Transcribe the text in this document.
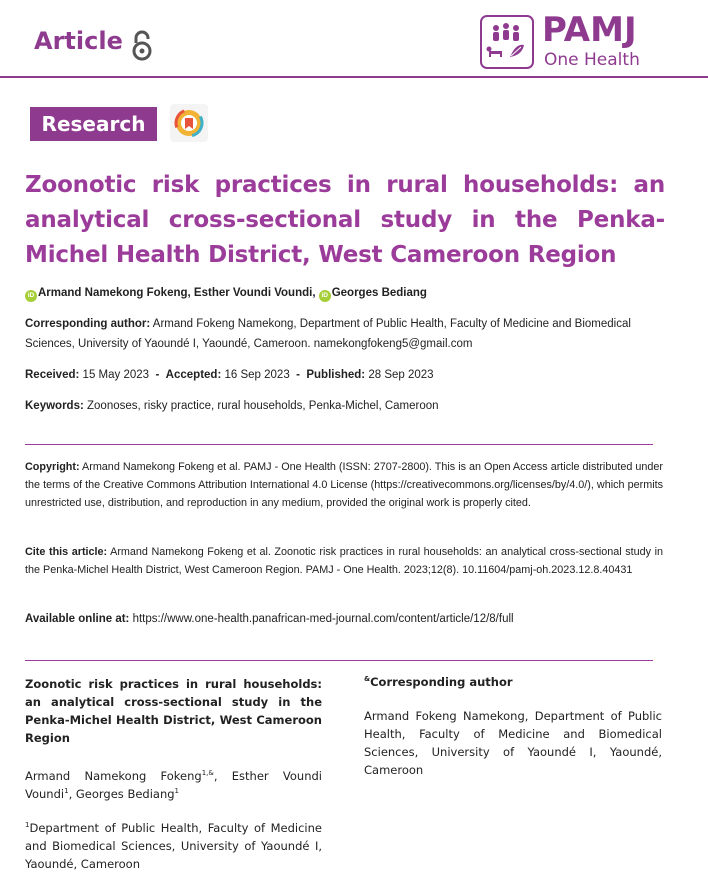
Article	PAMJ
One Health
Research
Zoonotic risk practices in rural households: an analytical cross-sectional study in the Penka-Michel Health District, West Cameroon Region
iD Armand Namekong Fokeng, Esther Voundi Voundi, iD Georges Bediang
Corresponding author: Armand Fokeng Namekong, Department of Public Health, Faculty of Medicine and Biomedical Sciences, University of Yaoundé I, Yaoundé, Cameroon. namekongfokeng5@gmail.com
Received: 15 May 2023 - Accepted: 16 Sep 2023 - Published: 28 Sep 2023
Keywords: Zoonoses, risky practice, rural households, Penka-Michel, Cameroon
Copyright: Armand Namekong Fokeng et al. PAMJ - One Health (ISSN: 2707-2800). This is an Open Access article distributed under the terms of the Creative Commons Attribution International 4.0 License (https://creativecommons.org/licenses/by/4.0/), which permits unrestricted use, distribution, and reproduction in any medium, provided the original work is properly cited.
Cite this article: Armand Namekong Fokeng et al. Zoonotic risk practices in rural households: an analytical cross-sectional study in the Penka-Michel Health District, West Cameroon Region. PAMJ - One Health. 2023;12(8). 10.11604/pamj-oh.2023.12.8.40431
Available online at: https://www.one-health.panafrican-med-journal.com/content/article/12/8/full
Zoonotic risk practices in rural households: an analytical cross-sectional study in the Penka-Michel Health District, West Cameroon Region
Armand Namekong Fokeng$^{1,\&}$, Esther Voundi Voundi$^1$, Georges Bediang$^1$
$^1$Department of Public Health, Faculty of Medicine and Biomedical Sciences, University of Yaoundé I, Yaoundé, Cameroon
&Corresponding author
Armand Fokeng Namekong, Department of Public Health, Faculty of Medicine and Biomedical Sciences, University of Yaoundé I, Yaoundé, Cameroon
